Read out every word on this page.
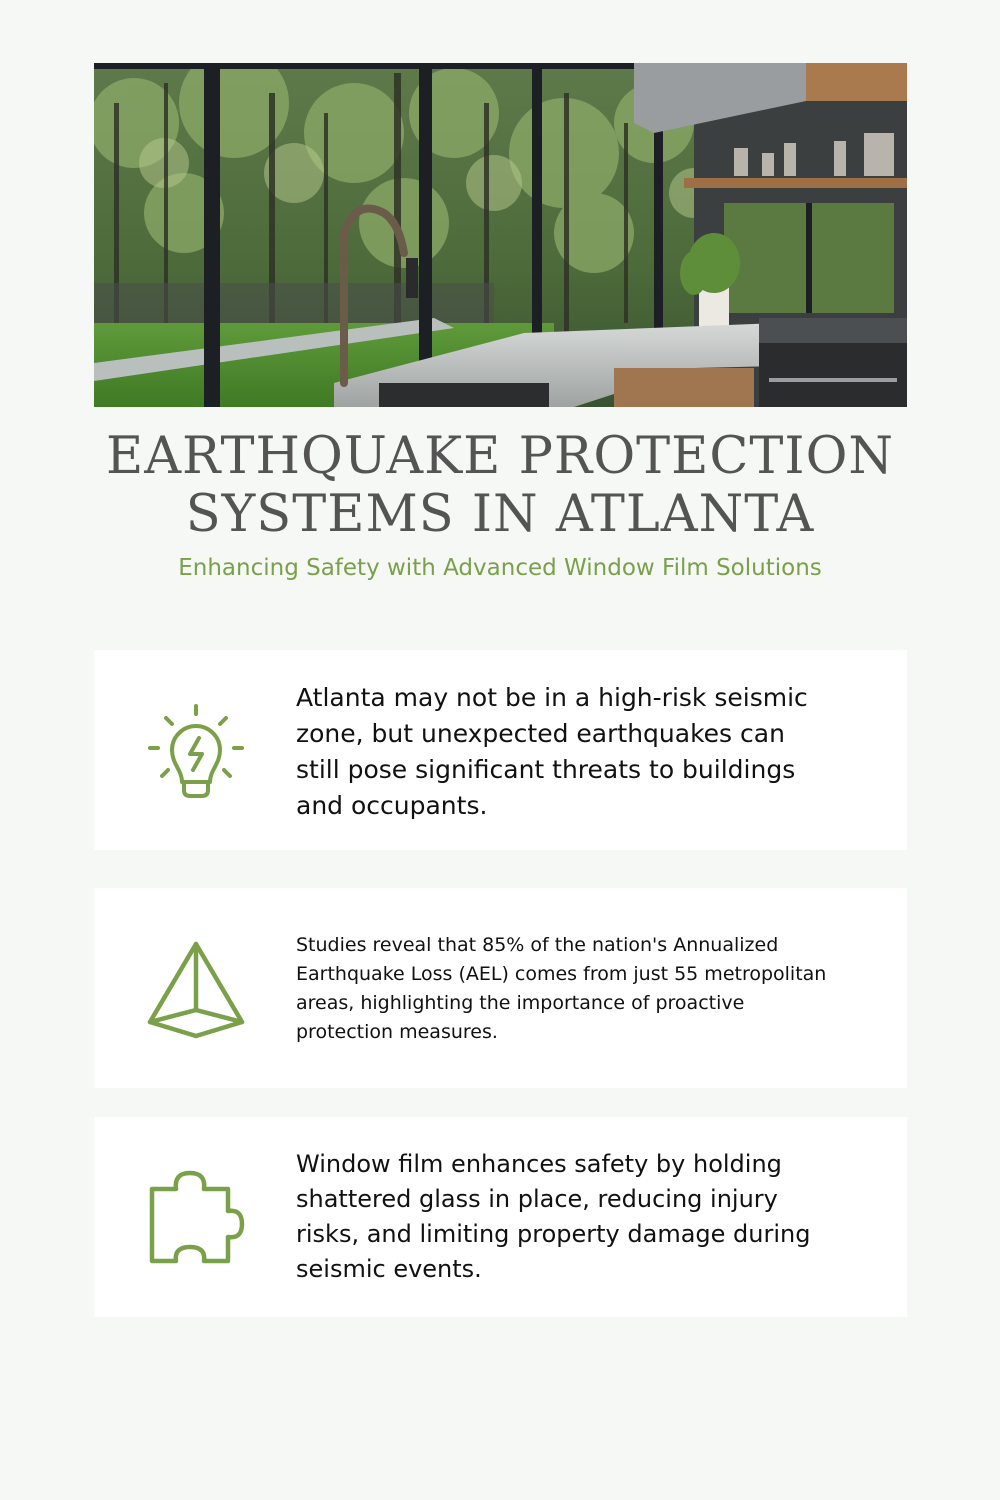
EARTHQUAKE PROTECTION
SYSTEMS IN ATLANTA
Enhancing Safety with Advanced Window Film Solutions
Atlanta may not be in a high-risk seismic zone, but unexpected earthquakes can still pose significant threats to buildings and occupants.
Studies reveal that 85% of the nation's Annualized Earthquake Loss (AEL) comes from just 55 metropolitan areas, highlighting the importance of proactive protection measures.
Window film enhances safety by holding shattered glass in place, reducing injury risks, and limiting property damage during seismic events.
